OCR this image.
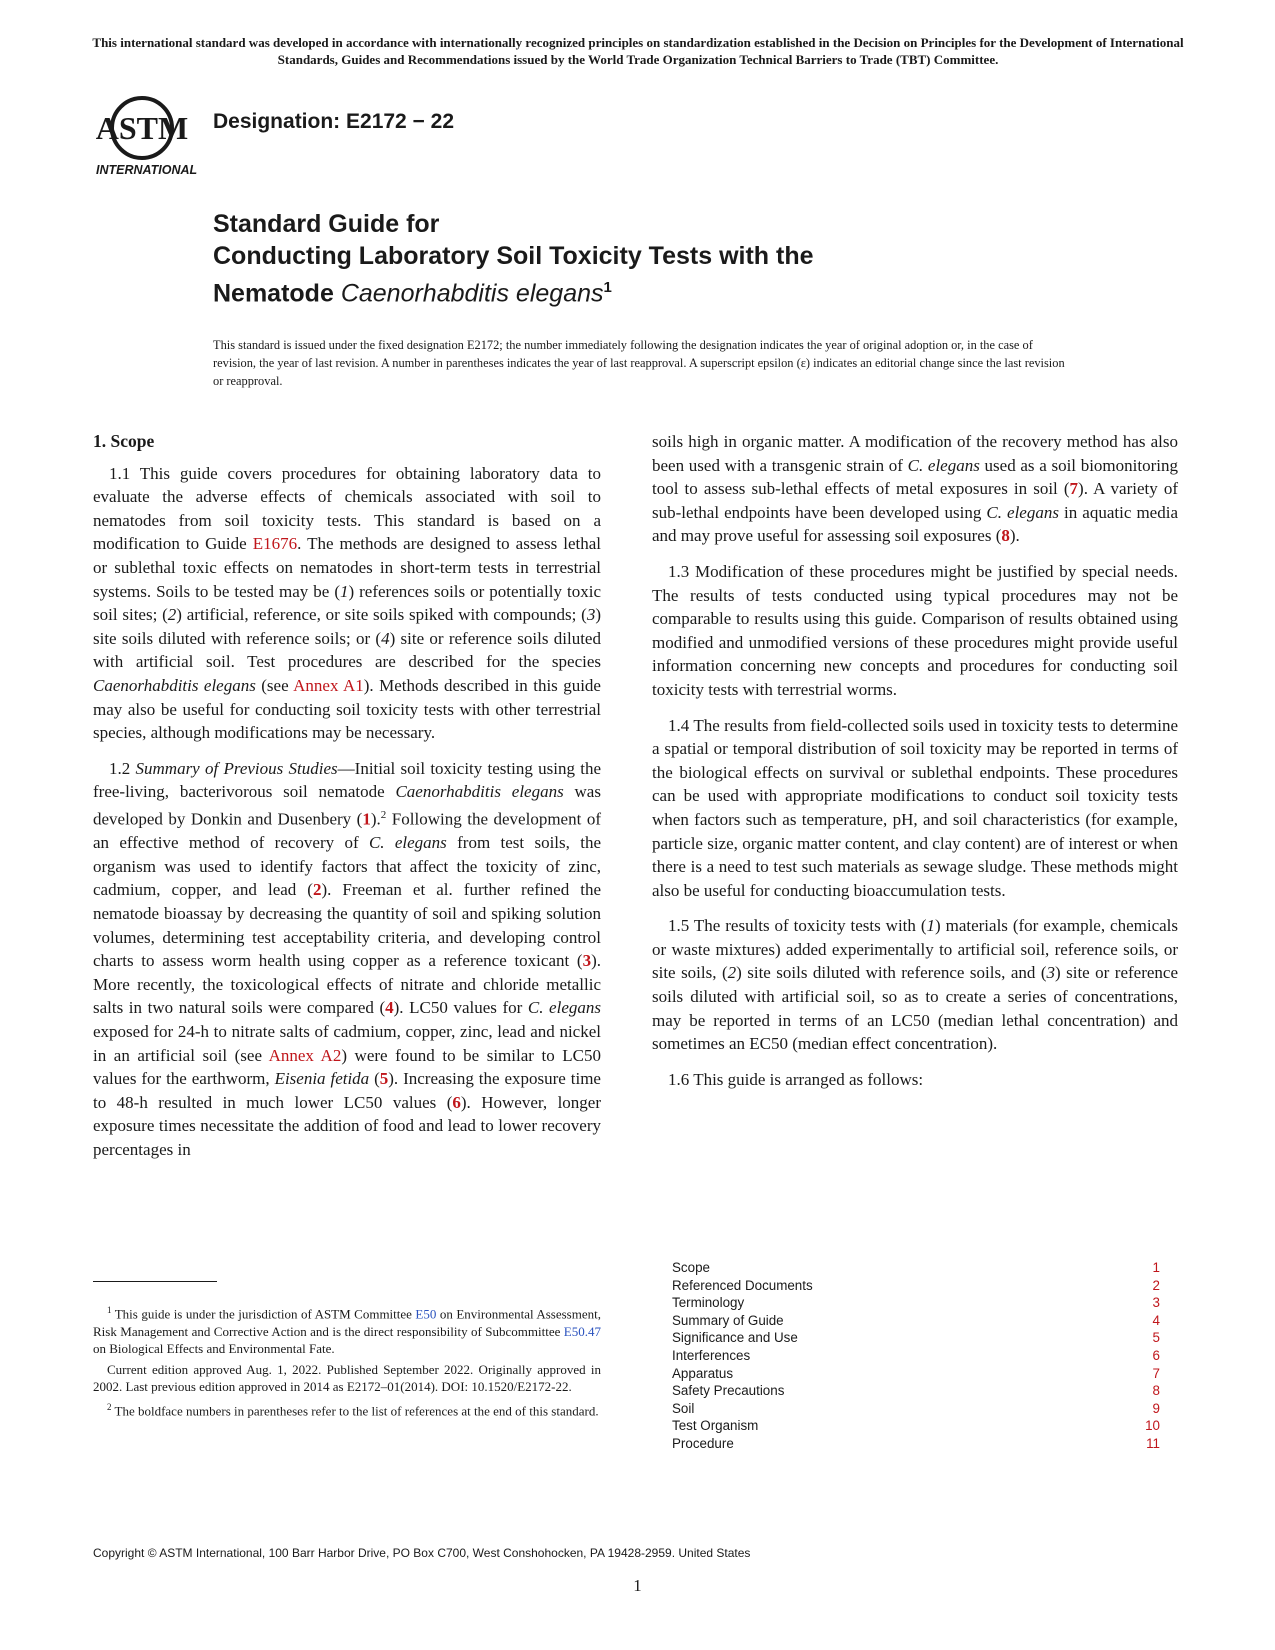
This international standard was developed in accordance with internationally recognized principles on standardization established in the Decision on Principles for the Development of International Standards, Guides and Recommendations issued by the World Trade Organization Technical Barriers to Trade (TBT) Committee.
ASTM
INTERNATIONAL
Designation: E2172 − 22
Standard Guide for
Conducting Laboratory Soil Toxicity Tests with the
Nematode Caenorhabditis elegans$^1$
This standard is issued under the fixed designation E2172; the number immediately following the designation indicates the year of original adoption or, in the case of revision, the year of last revision. A number in parentheses indicates the year of last reapproval. A superscript epsilon (ε) indicates an editorial change since the last revision or reapproval.
1. Scope

1.1 This guide covers procedures for obtaining laboratory data to evaluate the adverse effects of chemicals associated with soil to nematodes from soil toxicity tests. This standard is based on a modification to Guide E1676. The methods are designed to assess lethal or sublethal toxic effects on nematodes in short-term tests in terrestrial systems. Soils to be tested may be (1) references soils or potentially toxic soil sites; (2) artificial, reference, or site soils spiked with compounds; (3) site soils diluted with reference soils; or (4) site or reference soils diluted with artificial soil. Test procedures are described for the species Caenorhabditis elegans (see Annex A1). Methods described in this guide may also be useful for conducting soil toxicity tests with other terrestrial species, although modifications may be necessary.

1.2 Summary of Previous Studies—Initial soil toxicity testing using the free-living, bacterivorous soil nematode Caenorhabditis elegans was developed by Donkin and Dusenbery (1).$^2$ Following the development of an effective method of recovery of C. elegans from test soils, the organism was used to identify factors that affect the toxicity of zinc, cadmium, copper, and lead (2). Freeman et al. further refined the nematode bioassay by decreasing the quantity of soil and spiking solution volumes, determining test acceptability criteria, and developing control charts to assess worm health using copper as a reference toxicant (3). More recently, the toxicological effects of nitrate and chloride metallic salts in two natural soils were compared (4). LC50 values for C. elegans exposed for 24-h to nitrate salts of cadmium, copper, zinc, lead and nickel in an artificial soil (see Annex A2) were found to be similar to LC50 values for the earthworm, Eisenia fetida (5). Increasing the exposure time to 48-h resulted in much lower LC50 values (6). However, longer exposure times necessitate the addition of food and lead to lower recovery percentages in

$^1$ This guide is under the jurisdiction of ASTM Committee E50 on Environmental Assessment, Risk Management and Corrective Action and is the direct responsibility of Subcommittee E50.47 on Biological Effects and Environmental Fate.

Current edition approved Aug. 1, 2022. Published September 2022. Originally approved in 2002. Last previous edition approved in 2014 as E2172–01(2014). DOI: 10.1520/E2172-22.

$^2$ The boldface numbers in parentheses refer to the list of references at the end of this standard.

soils high in organic matter. A modification of the recovery method has also been used with a transgenic strain of C. elegans used as a soil biomonitoring tool to assess sub-lethal effects of metal exposures in soil (7). A variety of sub-lethal endpoints have been developed using C. elegans in aquatic media and may prove useful for assessing soil exposures (8).

1.3 Modification of these procedures might be justified by special needs. The results of tests conducted using typical procedures may not be comparable to results using this guide. Comparison of results obtained using modified and unmodified versions of these procedures might provide useful information concerning new concepts and procedures for conducting soil toxicity tests with terrestrial worms.

1.4 The results from field-collected soils used in toxicity tests to determine a spatial or temporal distribution of soil toxicity may be reported in terms of the biological effects on survival or sublethal endpoints. These procedures can be used with appropriate modifications to conduct soil toxicity tests when factors such as temperature, pH, and soil characteristics (for example, particle size, organic matter content, and clay content) are of interest or when there is a need to test such materials as sewage sludge. These methods might also be useful for conducting bioaccumulation tests.

1.5 The results of toxicity tests with (1) materials (for example, chemicals or waste mixtures) added experimentally to artificial soil, reference soils, or site soils, (2) site soils diluted with reference soils, and (3) site or reference soils diluted with artificial soil, so as to create a series of concentrations, may be reported in terms of an LC50 (median lethal concentration) and sometimes an EC50 (median effect concentration).

1.6 This guide is arranged as follows:

Scope	1
Referenced Documents	2
Terminology	3
Summary of Guide	4
Significance and Use	5
Interferences	6
Apparatus	7
Safety Precautions	8
Soil	9
Test Organism	10
Procedure	11
Copyright © ASTM International, 100 Barr Harbor Drive, PO Box C700, West Conshohocken, PA 19428-2959. United States
1
